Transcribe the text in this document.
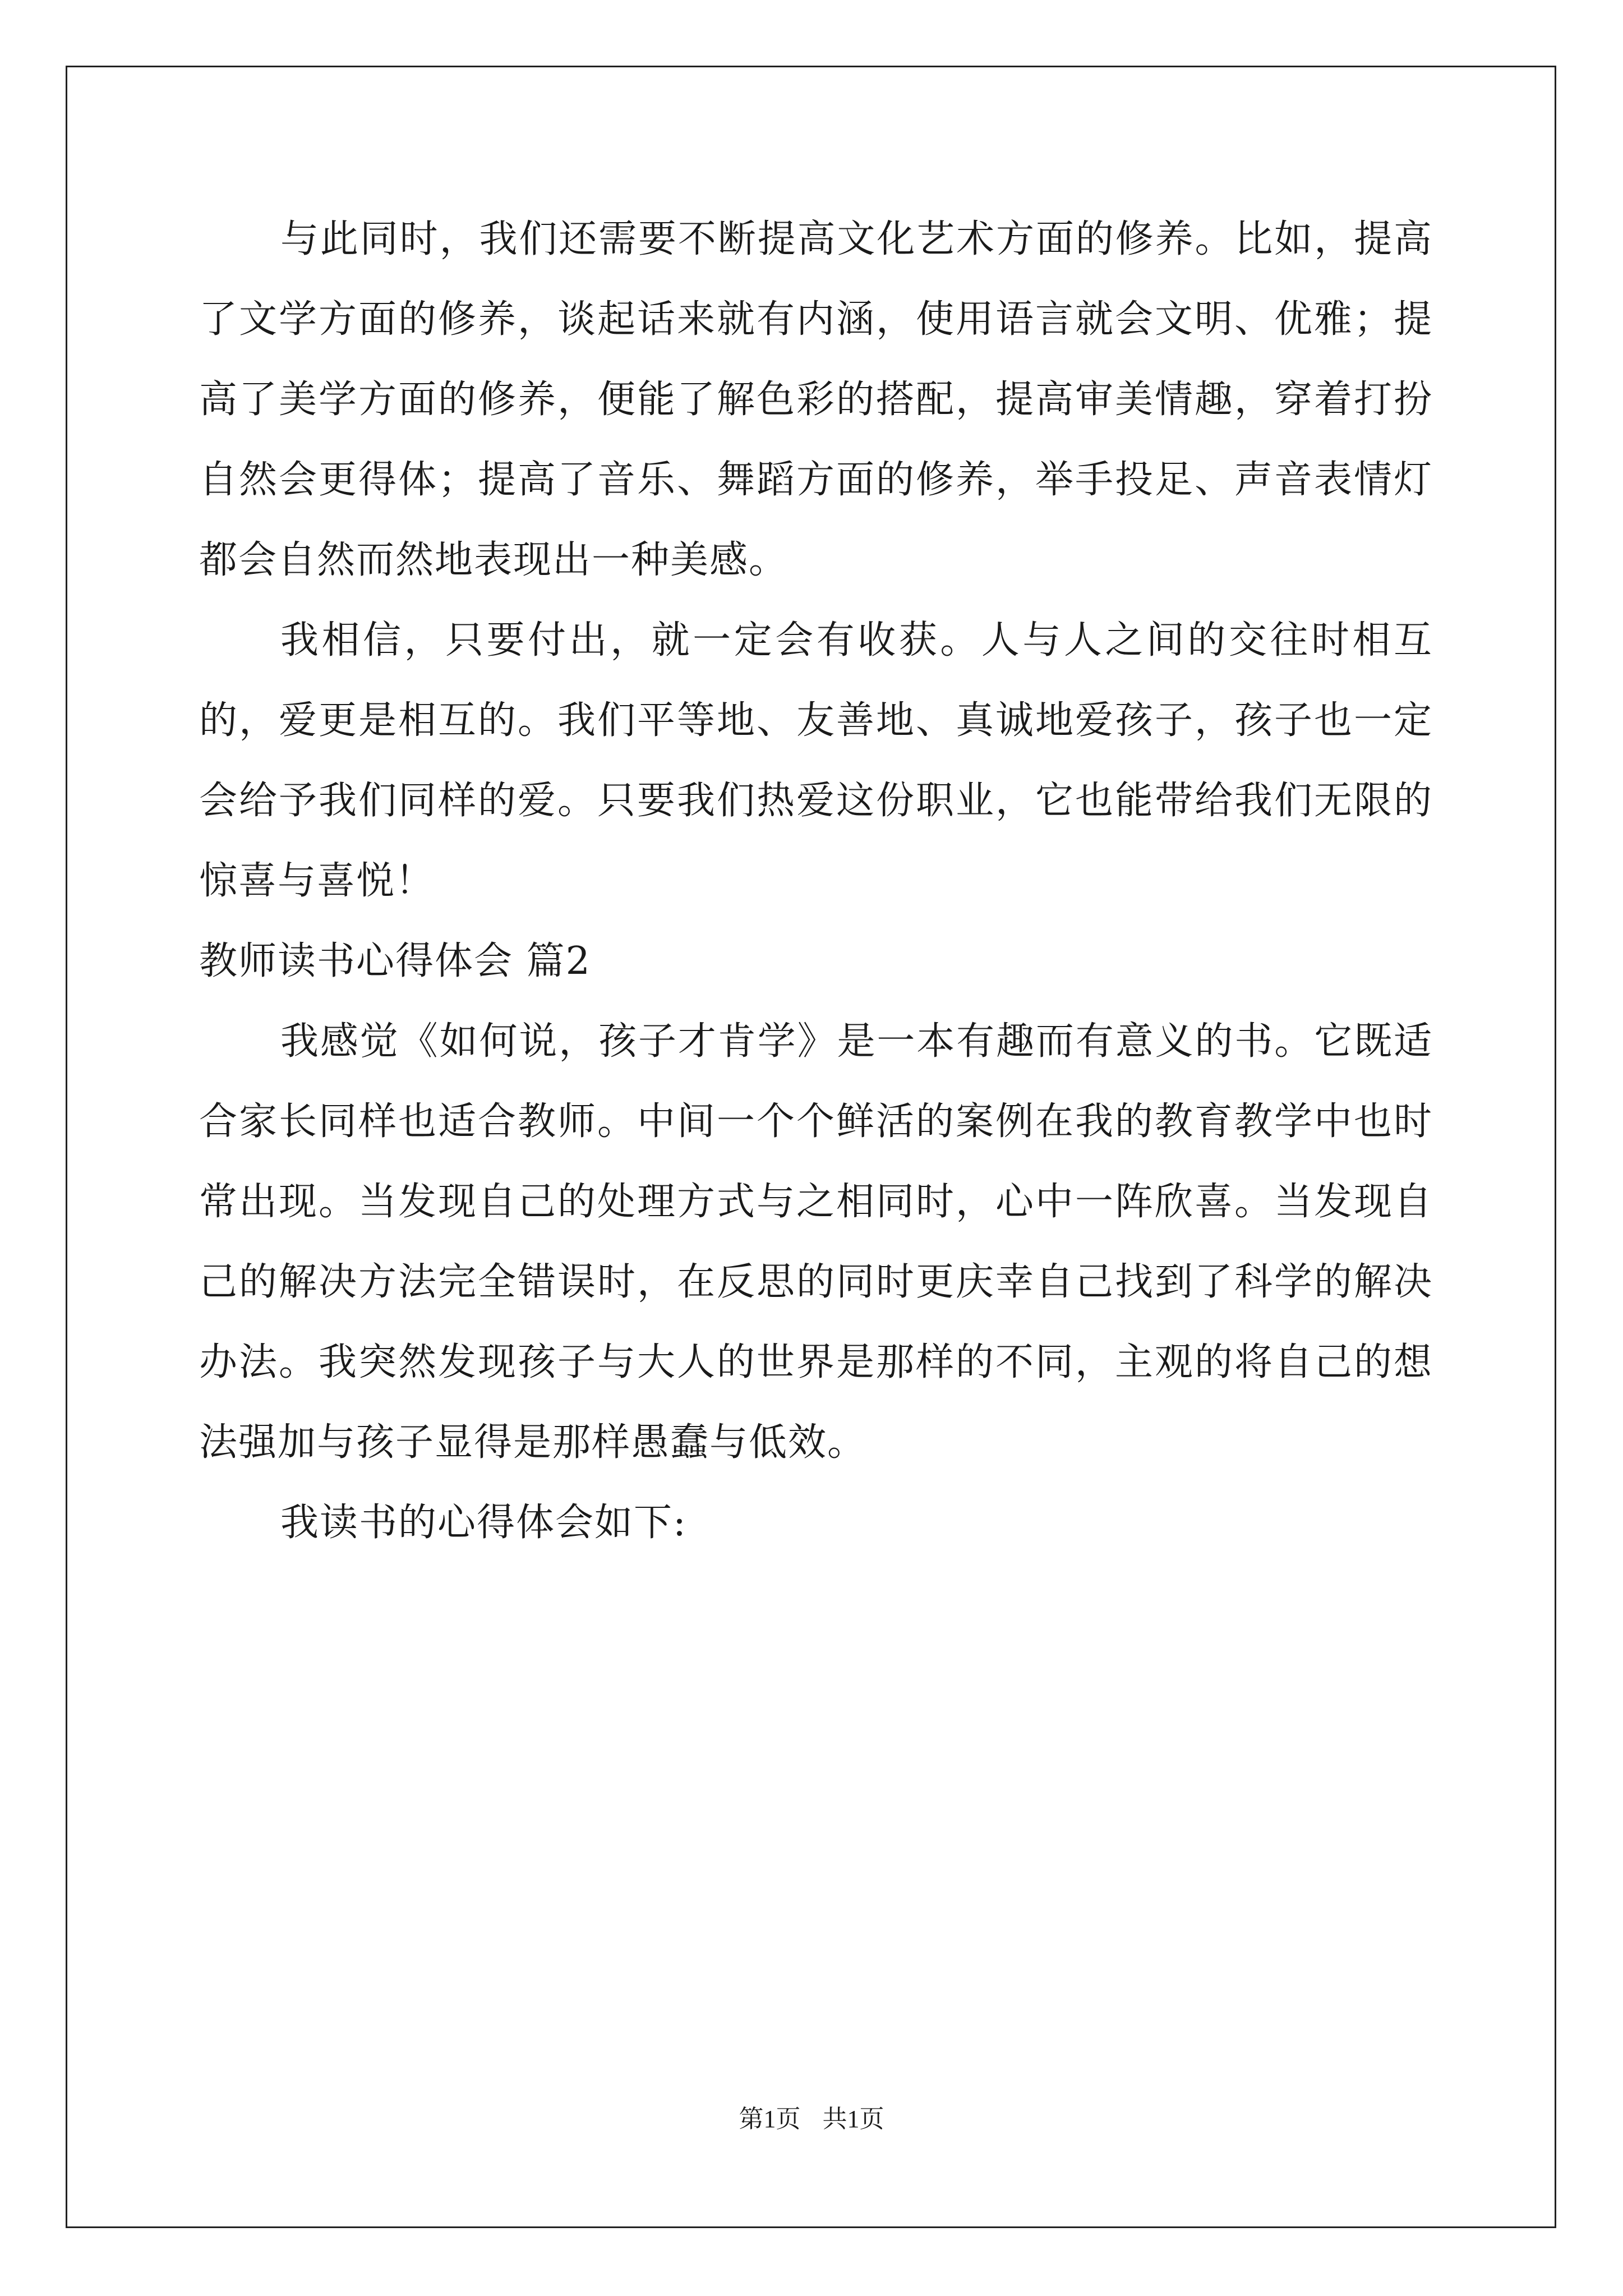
与此同时，我们还需要不断提高文化艺术方面的修养。比如，提高了文学方面的修养，谈起话来就有内涵，使用语言就会文明、优雅；提高了美学方面的修养，便能了解色彩的搭配，提高审美情趣，穿着打扮自然会更得体；提高了音乐、舞蹈方面的修养，举手投足、声音表情灯都会自然而然地表现出一种美感。

我相信，只要付出，就一定会有收获。人与人之间的交往时相互的，爱更是相互的。我们平等地、友善地、真诚地爱孩子，孩子也一定会给予我们同样的爱。只要我们热爱这份职业，它也能带给我们无限的惊喜与喜悦！

教师读书心得体会 篇2

我感觉《如何说，孩子才肯学》是一本有趣而有意义的书。它既适合家长同样也适合教师。中间一个个鲜活的案例在我的教育教学中也时常出现。当发现自己的处理方式与之相同时，心中一阵欣喜。当发现自己的解决方法完全错误时，在反思的同时更庆幸自己找到了科学的解决办法。我突然发现孩子与大人的世界是那样的不同，主观的将自己的想法强加与孩子显得是那样愚蠢与低效。

我读书的心得体会如下:

第1页 共1页
